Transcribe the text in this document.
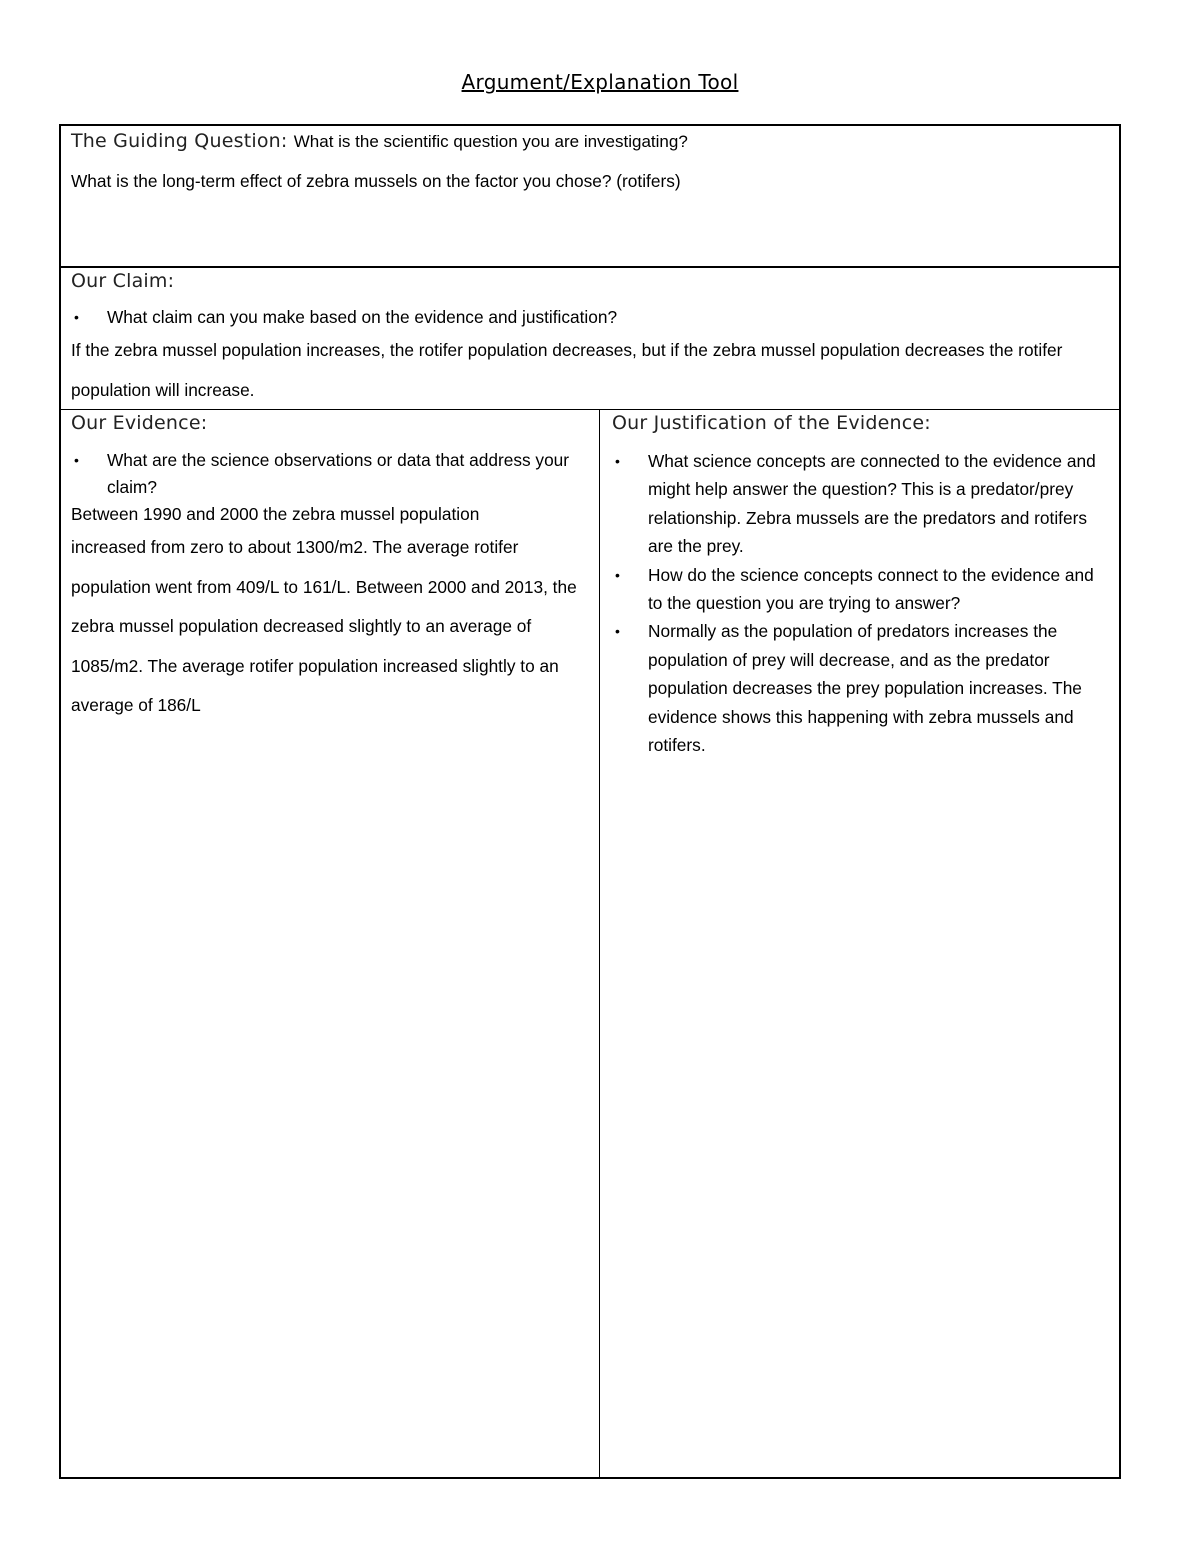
Argument/Explanation Tool
The Guiding Question: What is the scientific question you are investigating?
What is the long-term effect of zebra mussels on the factor you chose? (rotifers)
Our Claim:
• What claim can you make based on the evidence and justification?
If the zebra mussel population increases, the rotifer population decreases, but if the zebra mussel population decreases the rotifer population will increase.
Our Evidence:
• What are the science observations or data that address your claim?
Between 1990 and 2000 the zebra mussel population
increased from zero to about 1300/m2. The average rotifer population went from 409/L to 161/L. Between 2000 and 2013, the zebra mussel population decreased slightly to an average of 1085/m2. The average rotifer population increased slightly to an average of 186/L
Our Justification of the Evidence:
• What science concepts are connected to the evidence and might help answer the question? This is a predator/prey relationship. Zebra mussels are the predators and rotifers are the prey.
• How do the science concepts connect to the evidence and to the question you are trying to answer?
• Normally as the population of predators increases the population of prey will decrease, and as the predator population decreases the prey population increases. The evidence shows this happening with zebra mussels and rotifers.
